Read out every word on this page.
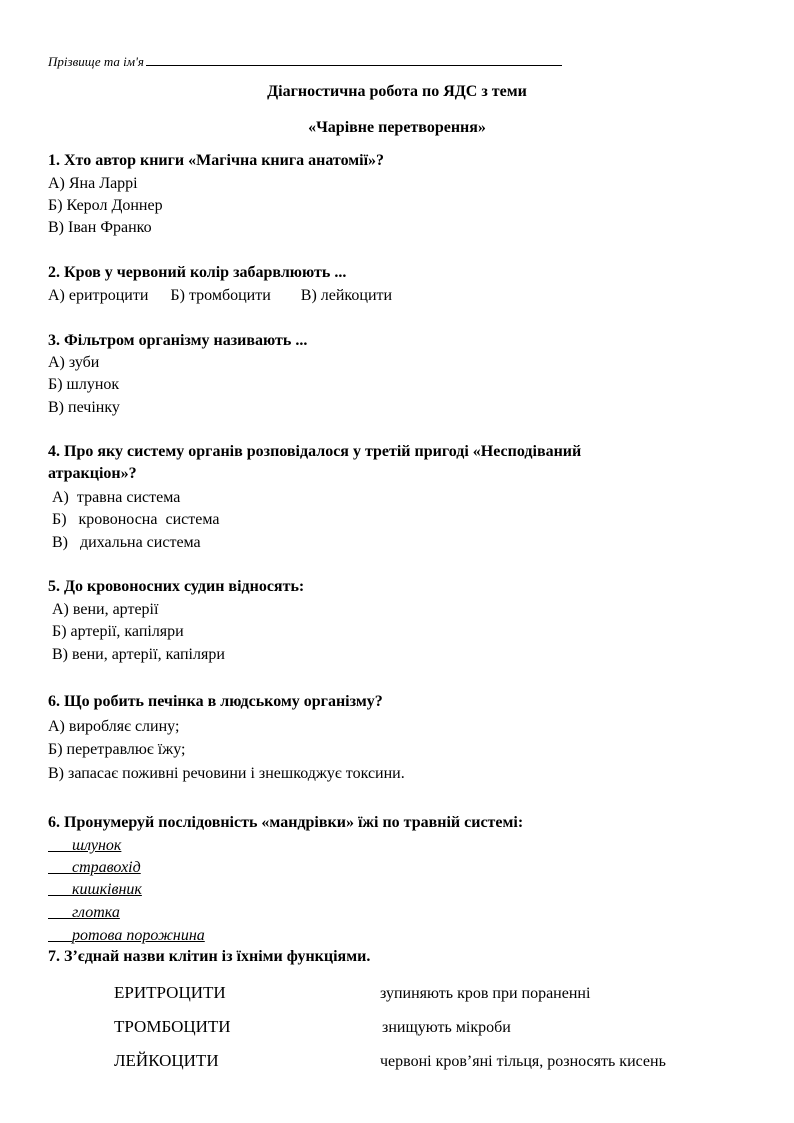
Прізвище та ім'я
Діагностична робота по ЯДС з теми
«Чарівне перетворення»
1. Хто автор книги «Магічна книга анатомії»?
А) Яна Ларрі
Б) Керол Доннер
В) Іван Франко
2. Кров у червоний колір забарвлюють ...
А) еритроцити Б) тромбоцити В) лейкоцити
3. Фільтром організму називають ...
А) зуби
Б) шлунок
В) печінку
4. Про яку систему органів розповідалося у третій пригоді «Несподіваний
атракціон»?
А)  травна система
Б)   кровоносна  система
В)   дихальна система
5. До кровоносних судин відносять:
А) вени, артерії
Б) артерії, капіляри
В) вени, артерії, капіляри
6. Що робить печінка в людському організму?
А) виробляє слину;
Б) перетравлює їжу;
В) запасає поживні речовини і знешкоджує токсини.
6. Пронумеруй послідовність «мандрівки» їжі по травній системі:
шлунок
стравохід
кишківник
глотка
ротова порожнина
7. З’єднай назви клітин із їхніми функціями.
ЕРИТРОЦИТИ
ТРОМБОЦИТИ
ЛЕЙКОЦИТИ
зупиняють кров при пораненні
знищують мікроби
червоні кров’яні тільця, розносять кисень
